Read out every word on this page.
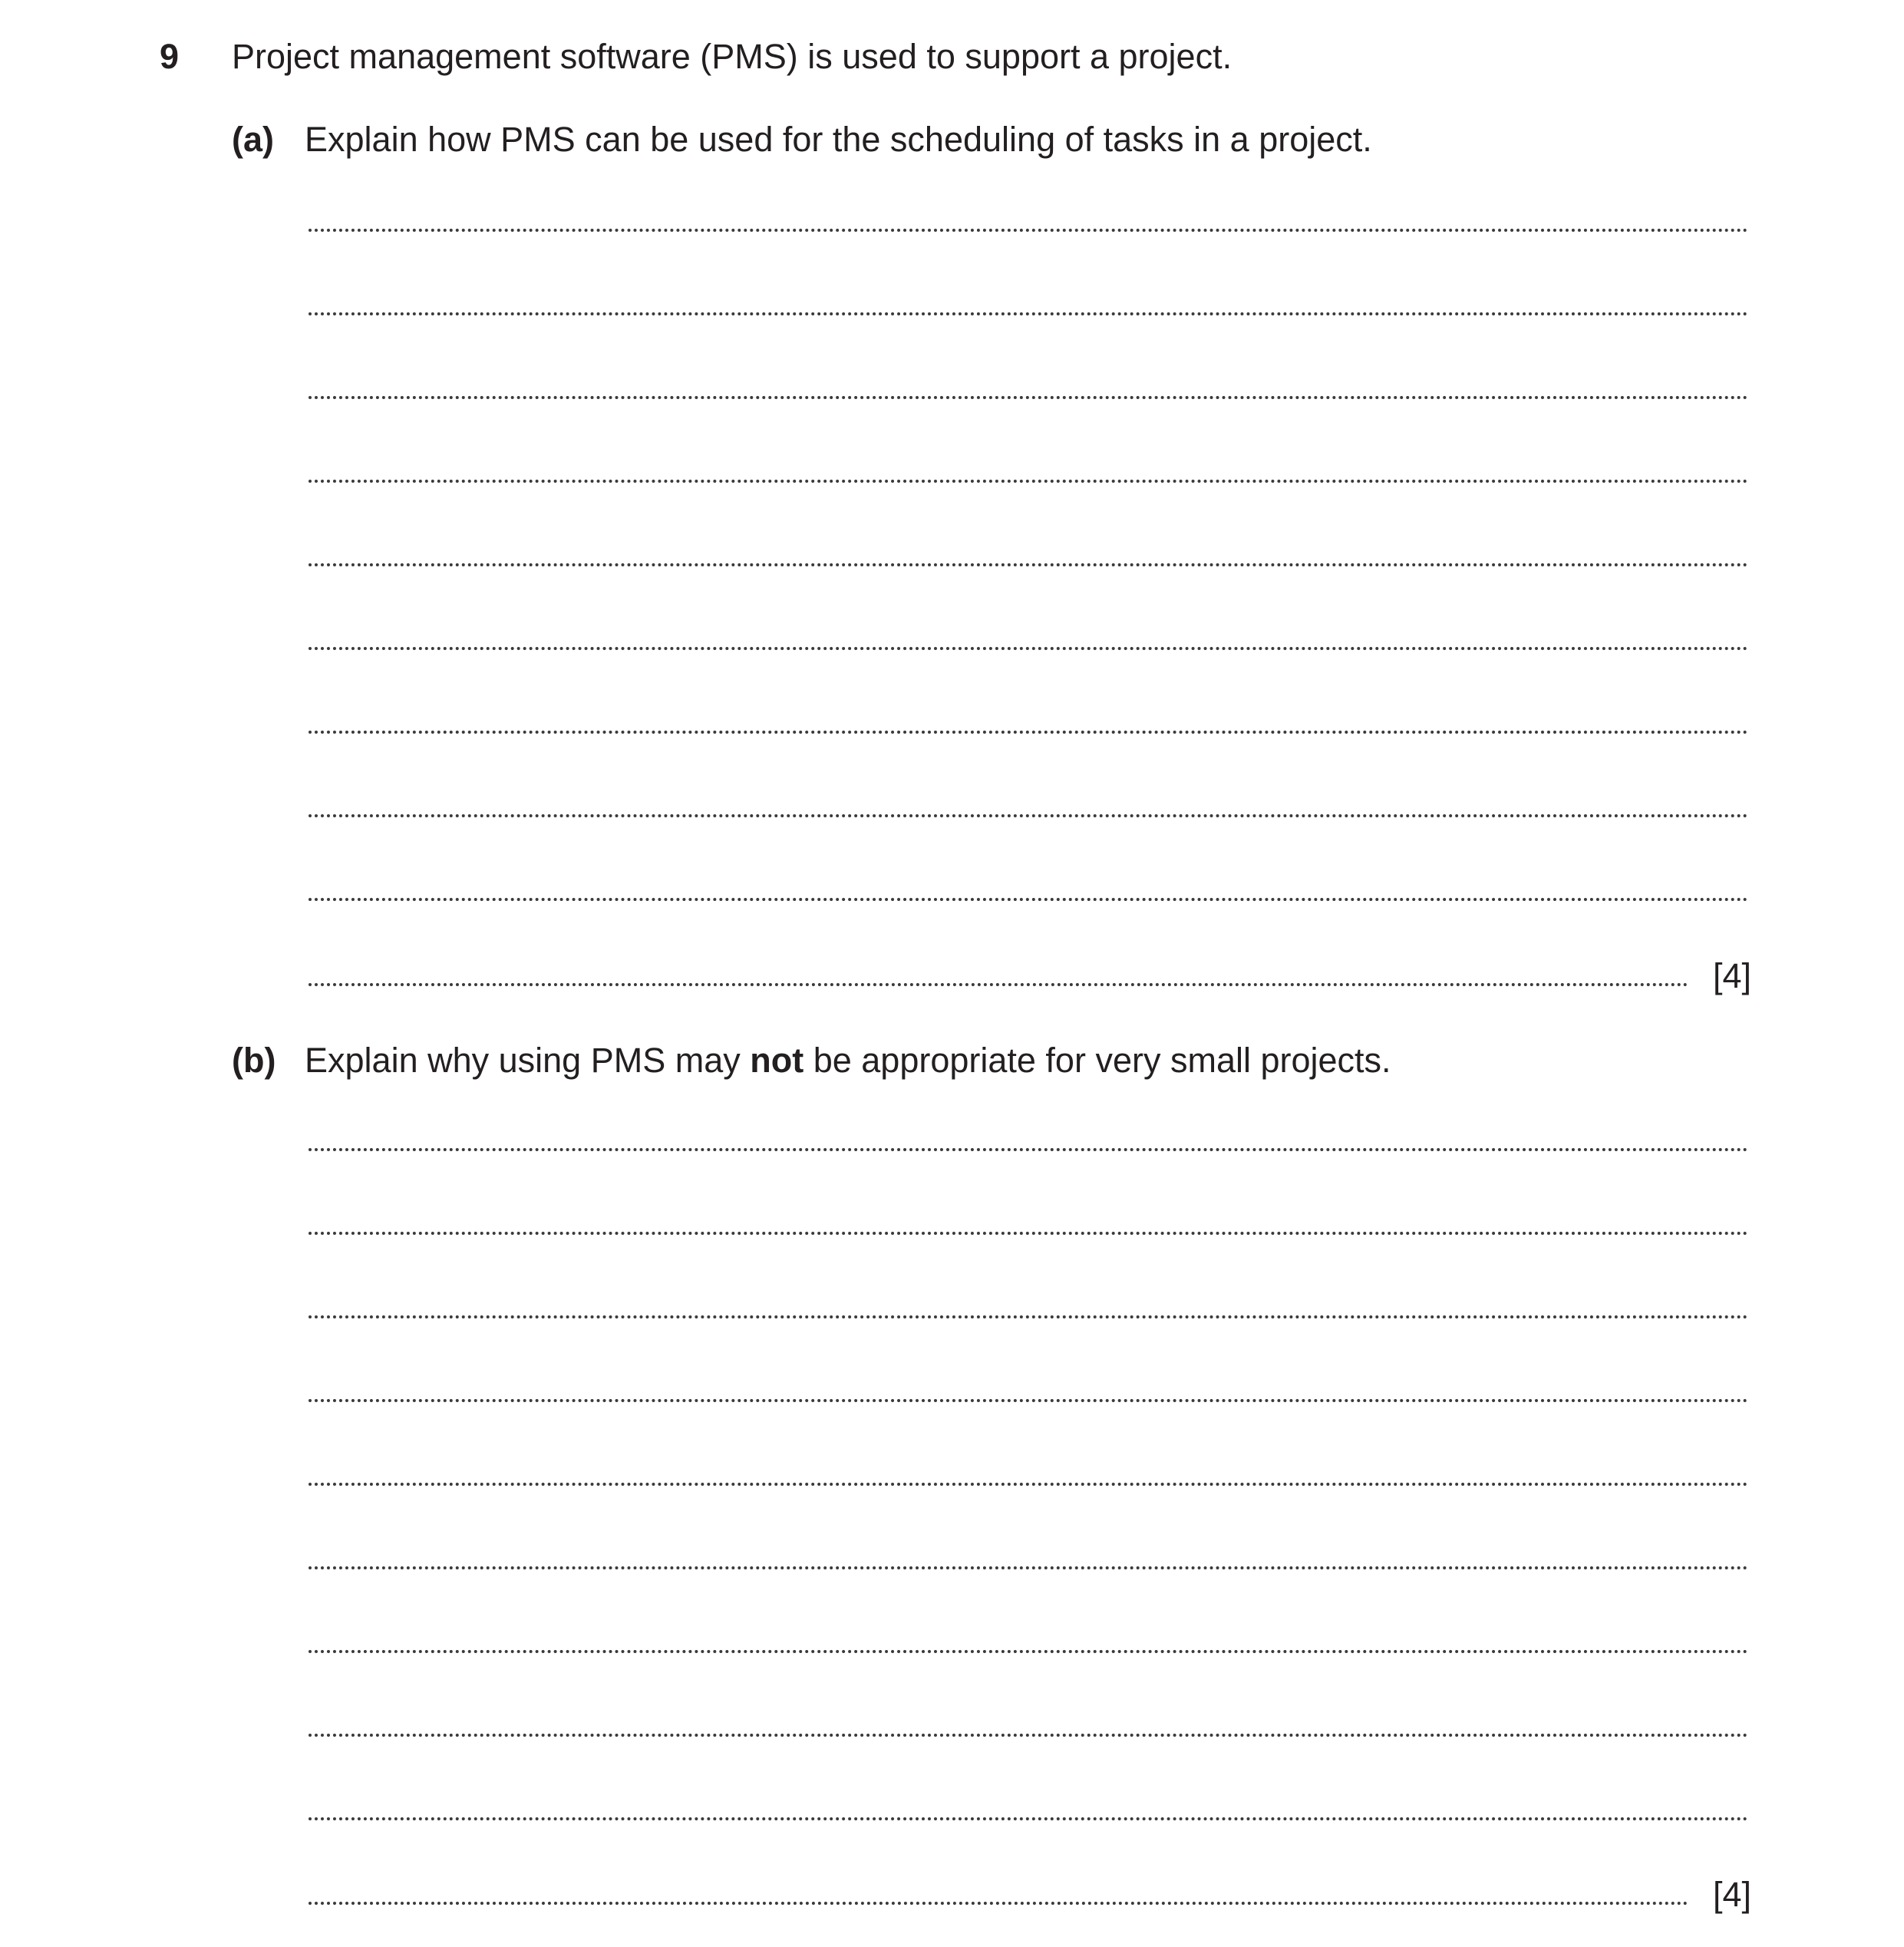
9 Project management software (PMS) is used to support a project.
(a) Explain how PMS can be used for the scheduling of tasks in a project.
[4]
(b) Explain why using PMS may not be appropriate for very small projects.
[4]
